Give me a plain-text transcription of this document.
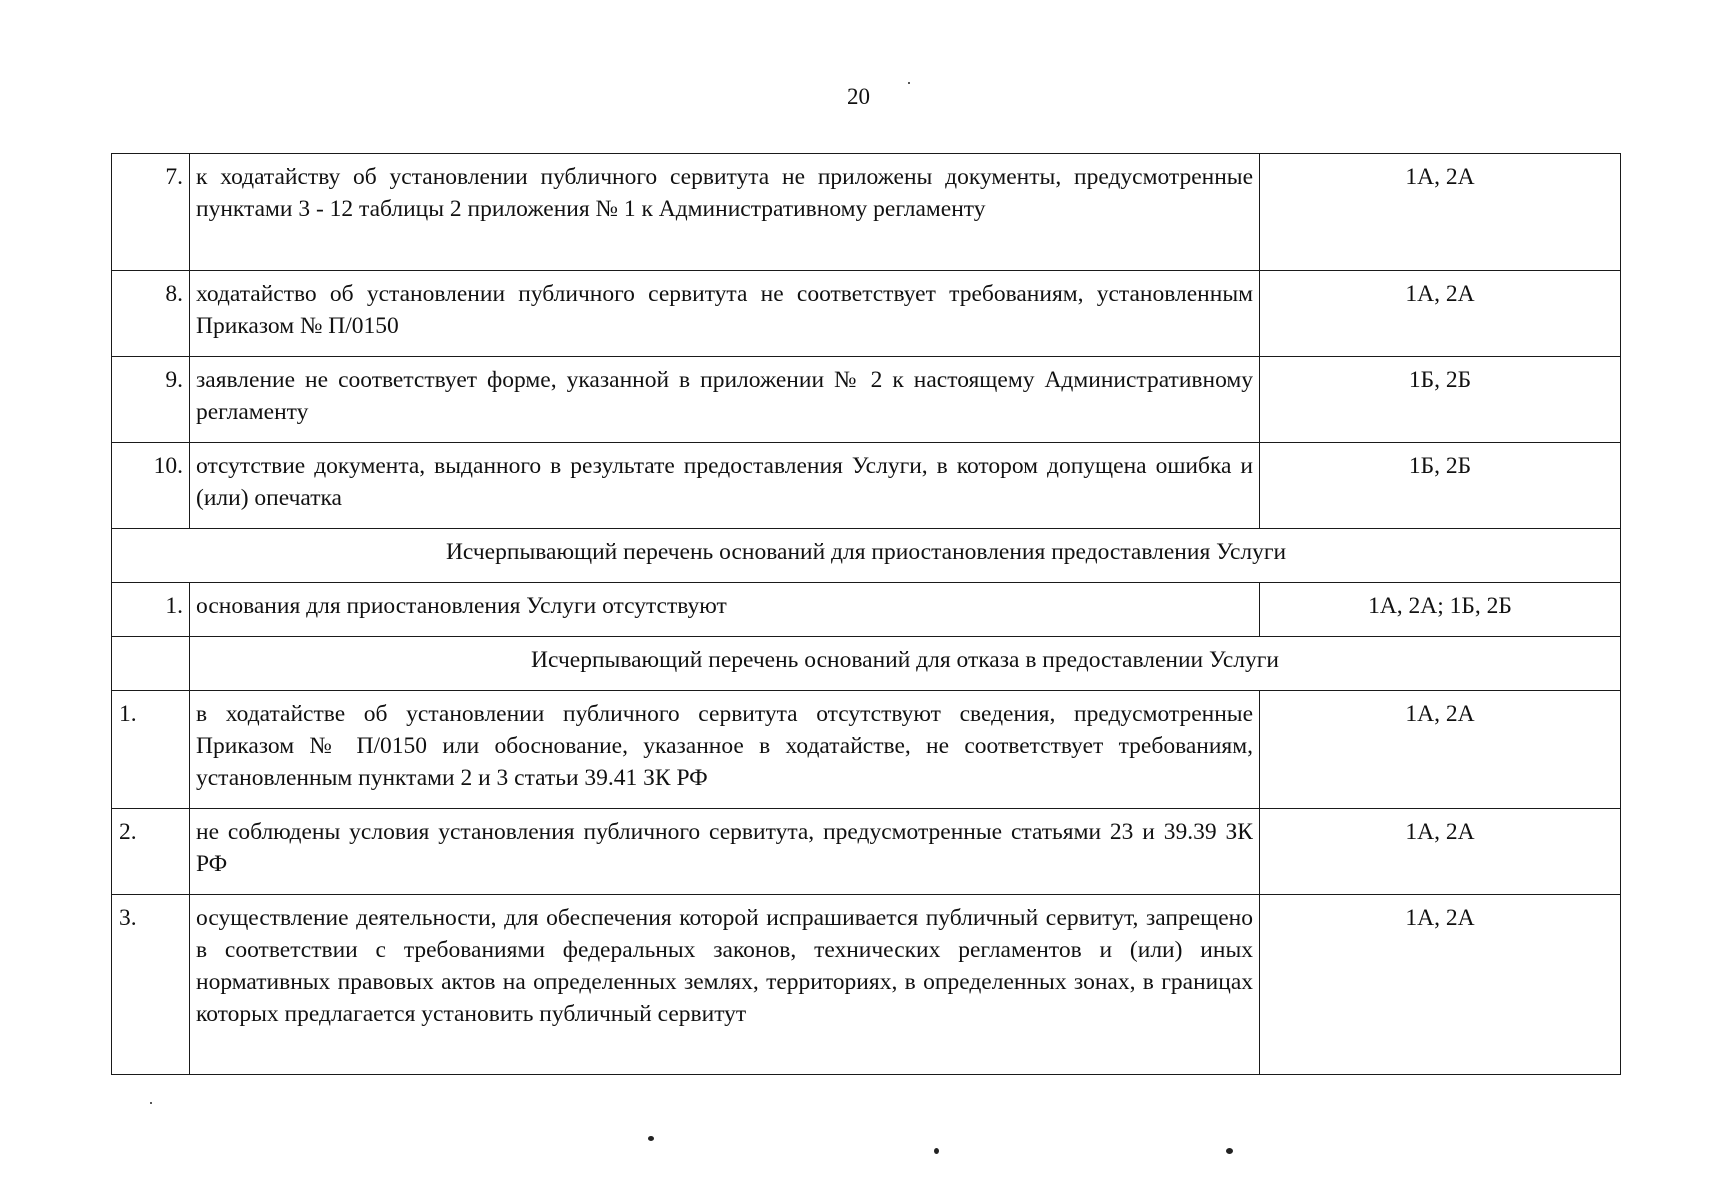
20
7.	к ходатайству об установлении публичного сервитута не приложены документы, предусмотренные пунктами 3 - 12 таблицы 2 приложения № 1 к Административному регламенту	1А, 2А
8.	ходатайство об установлении публичного сервитута не соответствует требованиям, установленным Приказом № П/0150	1А, 2А
9.	заявление не соответствует форме, указанной в приложении № 2 к настоящему Административному регламенту	1Б, 2Б
10.	отсутствие документа, выданного в результате предоставления Услуги, в котором допущена ошибка и (или) опечатка	1Б, 2Б
Исчерпывающий перечень оснований для приостановления предоставления Услуги		
1.	основания для приостановления Услуги отсутствуют	1А, 2А; 1Б, 2Б
	Исчерпывающий перечень оснований для отказа в предоставлении Услуги	
1.	в ходатайстве об установлении публичного сервитута отсутствуют сведения, предусмотренные Приказом № П/0150 или обоснование, указанное в ходатайстве, не соответствует требованиям, установленным пунктами 2 и 3 статьи 39.41 ЗК РФ	1А, 2А
2.	не соблюдены условия установления публичного сервитута, предусмотренные статьями 23 и 39.39 ЗК РФ	1А, 2А
3.	осуществление деятельности, для обеспечения которой испрашивается публичный сервитут, запрещено в соответствии с требованиями федеральных законов, технических регламентов и (или) иных нормативных правовых актов на определенных землях, территориях, в определенных зонах, в границах которых предлагается установить публичный сервитут	1А, 2А
